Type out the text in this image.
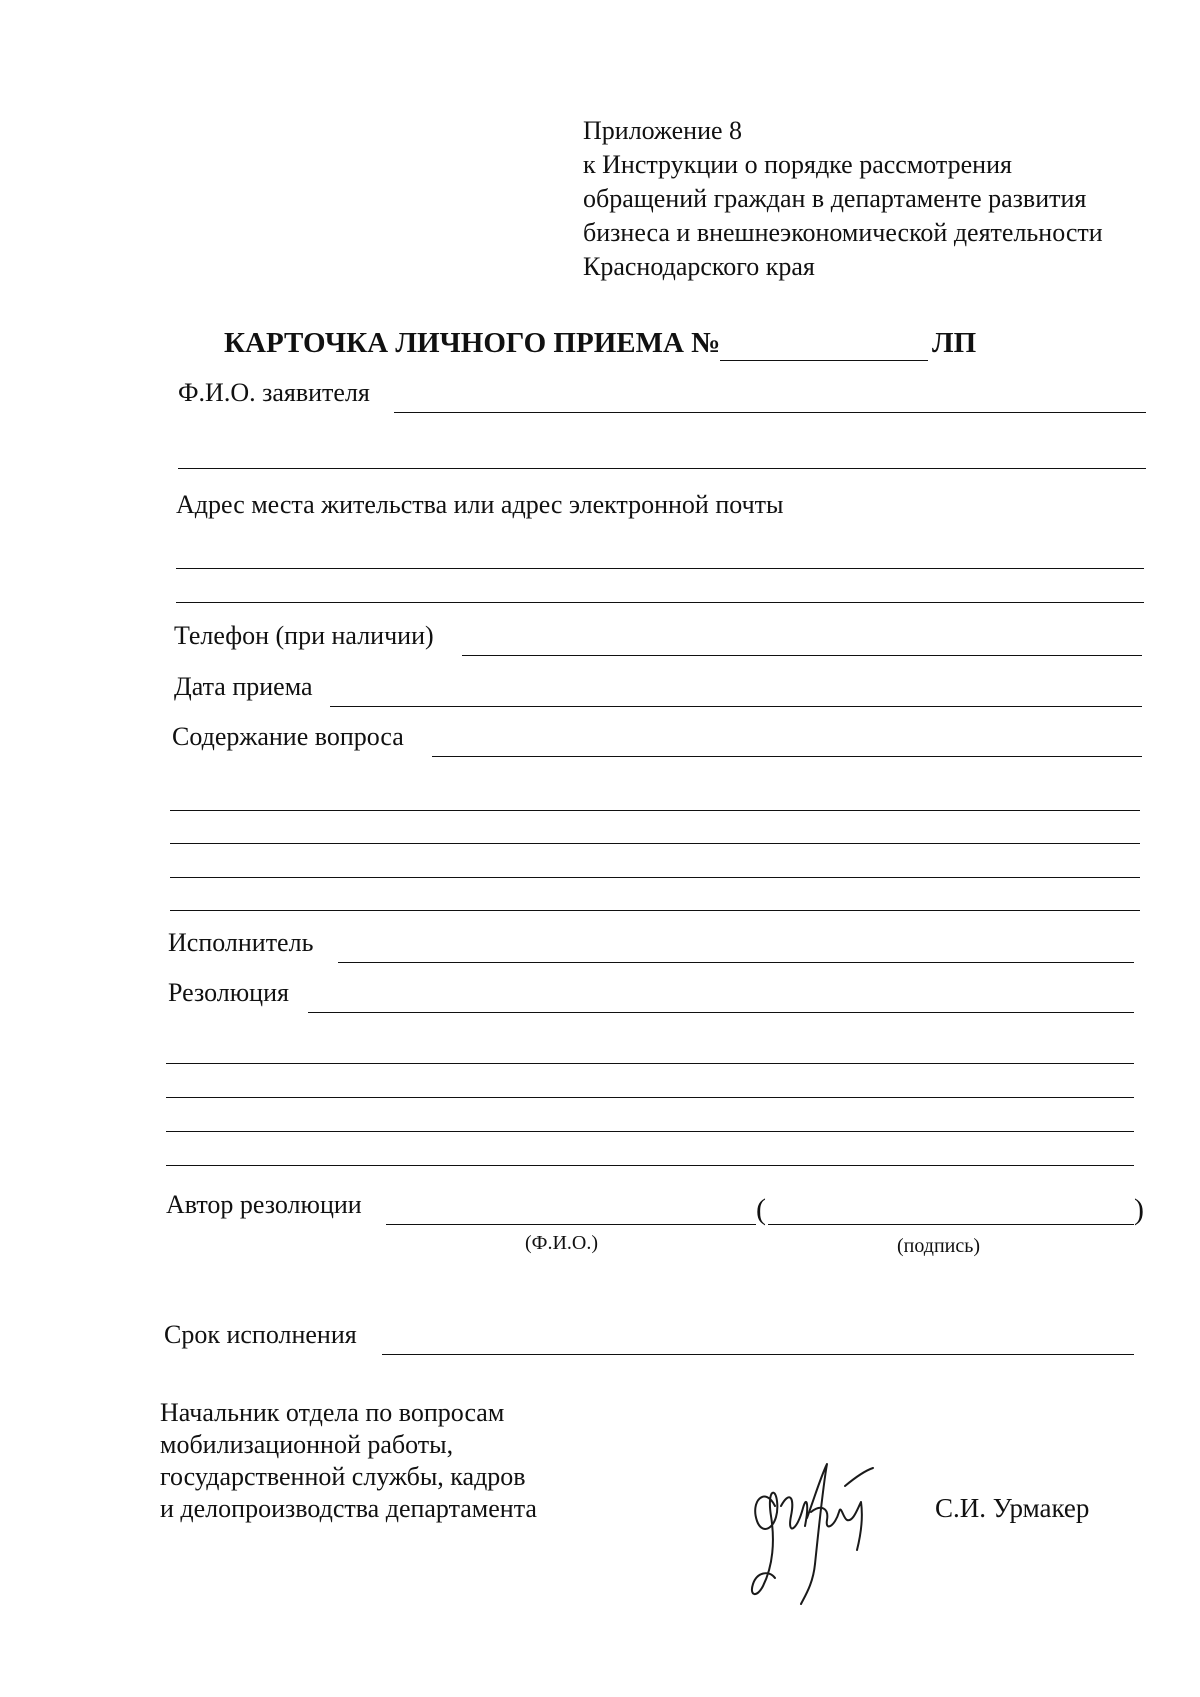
Приложение 8
к Инструкции о порядке рассмотрения
обращений граждан в департаменте развития
бизнеса и внешнеэкономической деятельности
Краснодарского края
КАРТОЧКА ЛИЧНОГО ПРИЕМА №	ЛП
Ф.И.О. заявителя
Адрес места жительства или адрес электронной почты
Телефон (при наличии)
Дата приема
Содержание вопроса
Исполнитель
Резолюция
Автор резолюции	(	)
(Ф.И.О.)	(подпись)
Срок исполнения
Начальник отдела по вопросам
мобилизационной работы,
государственной службы, кадров
и делопроизводства департамента	С.И. Урмакер
